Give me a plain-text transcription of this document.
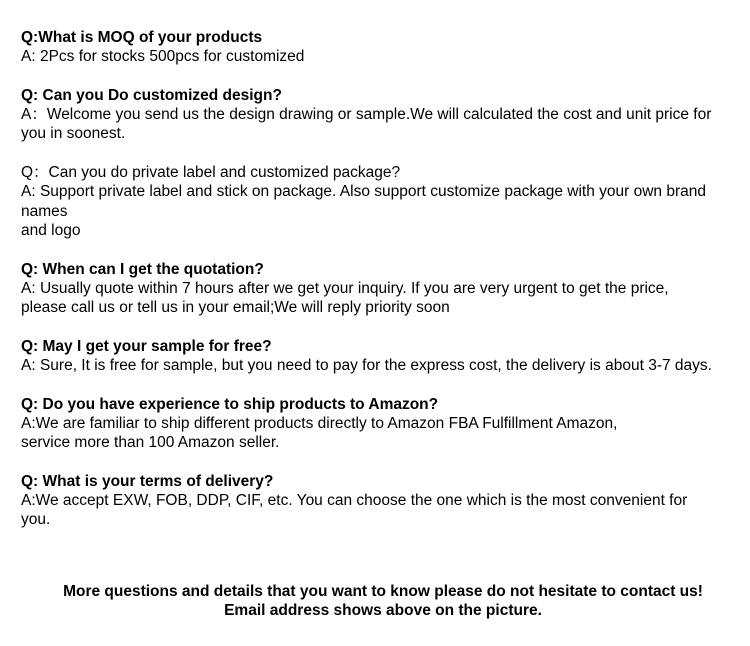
Q:What is MOQ of your products
A: 2Pcs for stocks 500pcs for customized
Q: Can you Do customized design?
A：Welcome you send us the design drawing or sample.We will calculated the cost and unit price for
you in soonest.
Q：Can you do private label and customized package?
A: Support private label and stick on package. Also support customize package with your own brand
names
and logo
Q: When can I get the quotation?
A: Usually quote within 7 hours after we get your inquiry. If you are very urgent to get the price,
please call us or tell us in your email;We will reply priority soon
Q: May I get your sample for free?
A: Sure, It is free for sample, but you need to pay for the express cost, the delivery is about 3-7 days.
Q: Do you have experience to ship products to Amazon?
A:We are familiar to ship different products directly to Amazon FBA Fulfillment Amazon,
service more than 100 Amazon seller.
Q: What is your terms of delivery?
A:We accept EXW, FOB, DDP, CIF, etc. You can choose the one which is the most convenient for
you.
More questions and details that you want to know please do not hesitate to contact us!
Email address shows above on the picture.
